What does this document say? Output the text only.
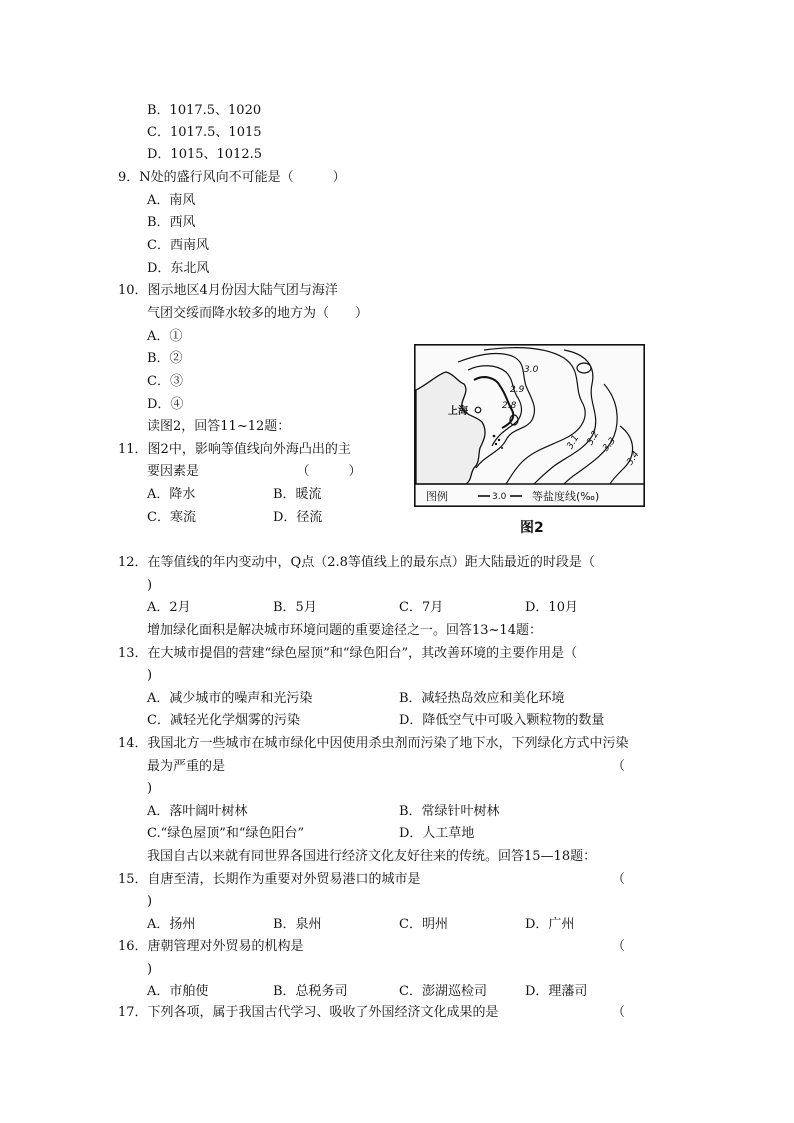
B．1017.5、1020
C．1017.5、1015
D．1015、1012.5
9．N处的盛行风向不可能是（　　　）
A．南风
B．西风
C．西南风
D．东北风
10．图示地区4月份因大陆气团与海洋
气团交绥而降水较多的地方为（　　）
A．①
B．②
C．③
D．④
读图2，回答11~12题：
11．图2中，影响等值线向外海凸出的主
要因素是　　　　　　　　（　　　）
A．降水	B．暖流
C．寒流	D．径流
12．在等值线的年内变动中，Q点（2.8等值线上的最东点）距大陆最近的时段是（
)
A．2月	B．5月	C．7月	D．10月
增加绿化面积是解决城市环境问题的重要途径之一。回答13~14题：
13．在大城市提倡的营建“绿色屋顶”和“绿色阳台”，其改善环境的主要作用是（
)
A．减少城市的噪声和光污染	B．减轻热岛效应和美化环境
C．减轻光化学烟雾的污染	D．降低空气中可吸入颗粒物的数量
14．我国北方一些城市在城市绿化中因使用杀虫剂而污染了地下水，下列绿化方式中污染
最为严重的是	（
)
A．落叶阔叶树林	B．常绿针叶树林
C.“绿色屋顶”和“绿色阳台”	D．人工草地
我国自古以来就有同世界各国进行经济文化友好往来的传统。回答15—18题：
15．自唐至清，长期作为重要对外贸易港口的城市是	（
)
A．扬州	B．泉州	C．明州	D．广州
16．唐朝管理对外贸易的机构是	（
)
A．市舶使	B．总税务司	C．澎湖巡检司	D．理藩司
17．下列各项，属于我国古代学习、吸收了外国经济文化成果的是	（
上海
3.0
2.9
2.8
3.1 3.2 3.3
3.4
图例	3.0 等盐度线(‰)
图2
